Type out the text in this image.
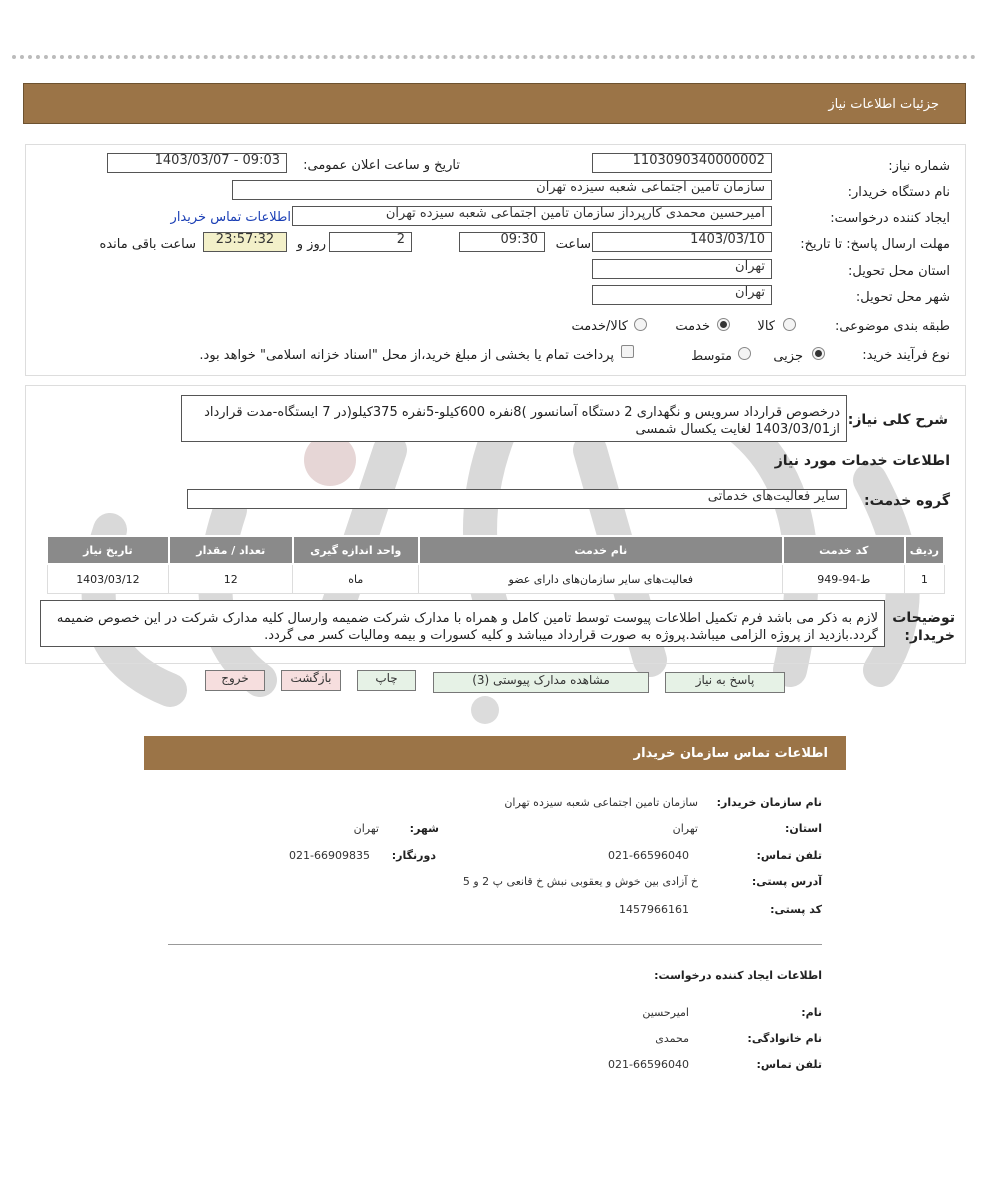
جزئیات اطلاعات نیاز
شماره نیاز:
1103090340000002
تاریخ و ساعت اعلان عمومی:
1403/03/07 - 09:03
نام دستگاه خریدار:
سازمان تامین اجتماعی شعبه سیزده تهران
ایجاد کننده درخواست:
امیرحسین محمدی کارپرداز سازمان تامین اجتماعی شعبه سیزده تهران
اطلاعات تماس خریدار
مهلت ارسال پاسخ: تا تاریخ:
1403/03/10
ساعت
09:30
2
روز و
23:57:32
ساعت باقی مانده
استان محل تحویل:
تهران
شهر محل تحویل:
تهران
طبقه بندی موضوعی:
کالا
خدمت
کالا/خدمت
نوع فرآیند خرید:
جزیی
متوسط
پرداخت تمام یا بخشی از مبلغ خرید،از محل "اسناد خزانه اسلامی" خواهد بود.
شرح کلی نیاز:
درخصوص قرارداد سرویس و نگهداری 2 دستگاه آسانسور )8نفره 600کیلو-5نفره 375کیلو(در 7 ایستگاه-مدت قرارداد از1403/03/01 لغایت یکسال شمسی
اطلاعات خدمات مورد نیاز
گروه خدمت:
سایر فعالیت‌های خدماتی
ردیف	کد خدمت	نام خدمت	واحد اندازه گیری	تعداد / مقدار	تاریخ نیاز
1	ط-94-949	فعالیت‌های سایر سازمان‌های دارای عضو	ماه	12	1403/03/12
توضیحات خریدار:
لازم به ذکر می باشد فرم تکمیل اطلاعات پیوست توسط تامین کامل و همراه با مدارک شرکت ضمیمه وارسال کلیه مدارک شرکت در این خصوص ضمیمه گردد.بازدید از پروژه الزامی میباشد.پروژه به صورت قرارداد میباشد و کلیه کسورات و بیمه ومالیات کسر می گردد.
پاسخ به نیاز
مشاهده مدارک پیوستی (3)
چاپ
بازگشت
خروج
اطلاعات تماس سازمان خریدار
نام سازمان خریدار:
سازمان تامین اجتماعی شعبه سیزده تهران
استان:
تهران
شهر:
تهران
تلفن تماس:
021-66596040
دورنگار:
021-66909835
آدرس پستی:
خ آزادی بین خوش و یعقوبی نبش خ قانعی پ 2 و 5
کد پستی:
1457966161
اطلاعات ایجاد کننده درخواست:
نام:
امیرحسین
نام خانوادگی:
محمدی
تلفن تماس:
021-66596040
